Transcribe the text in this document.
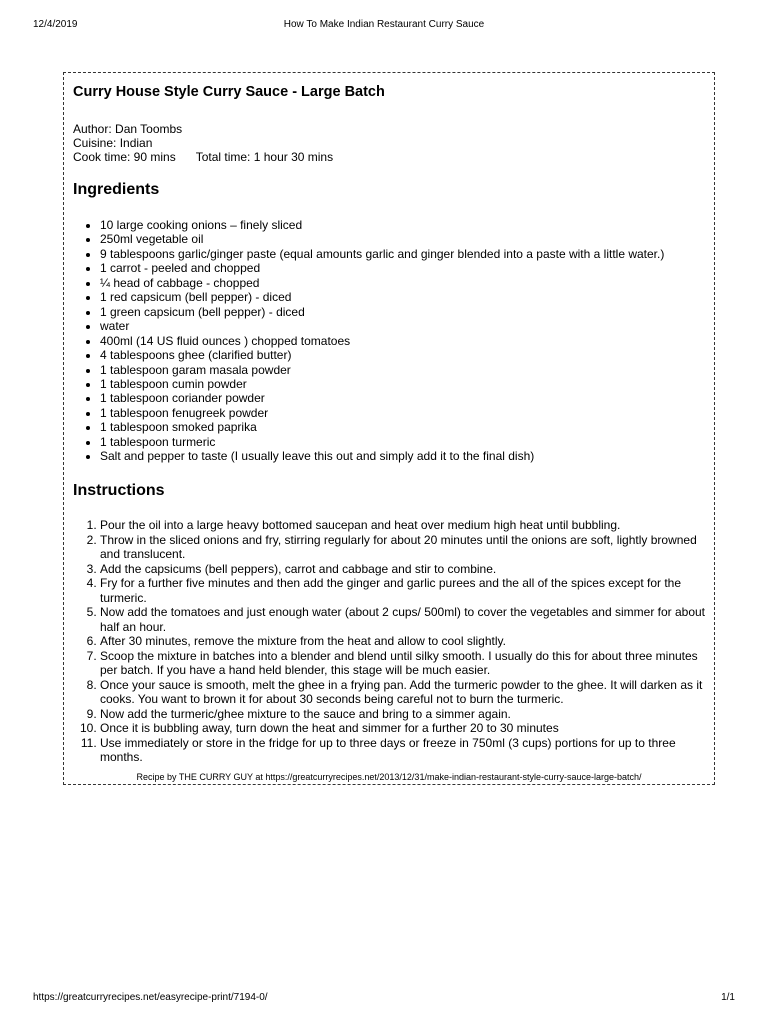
12/4/2019	How To Make Indian Restaurant Curry Sauce
Curry House Style Curry Sauce - Large Batch
Author: Dan Toombs
Cuisine: Indian
Cook time: 90 mins Total time: 1 hour 30 mins
Ingredients
• 10 large cooking onions – finely sliced
• 250ml vegetable oil
• 9 tablespoons garlic/ginger paste (equal amounts garlic and ginger blended into a paste with a little water.)
• 1 carrot - peeled and chopped
• ¼ head of cabbage - chopped
• 1 red capsicum (bell pepper) - diced
• 1 green capsicum (bell pepper) - diced
• water
• 400ml (14 US fluid ounces ) chopped tomatoes
• 4 tablespoons ghee (clarified butter)
• 1 tablespoon garam masala powder
• 1 tablespoon cumin powder
• 1 tablespoon coriander powder
• 1 tablespoon fenugreek powder
• 1 tablespoon smoked paprika
• 1 tablespoon turmeric
• Salt and pepper to taste (I usually leave this out and simply add it to the final dish)
Instructions
1. Pour the oil into a large heavy bottomed saucepan and heat over medium high heat until bubbling.
2. Throw in the sliced onions and fry, stirring regularly for about 20 minutes until the onions are soft, lightly browned and translucent.
3. Add the capsicums (bell peppers), carrot and cabbage and stir to combine.
4. Fry for a further five minutes and then add the ginger and garlic purees and the all of the spices except for the turmeric.
5. Now add the tomatoes and just enough water (about 2 cups/ 500ml) to cover the vegetables and simmer for about half an hour.
6. After 30 minutes, remove the mixture from the heat and allow to cool slightly.
7. Scoop the mixture in batches into a blender and blend until silky smooth. I usually do this for about three minutes per batch. If you have a hand held blender, this stage will be much easier.
8. Once your sauce is smooth, melt the ghee in a frying pan. Add the turmeric powder to the ghee. It will darken as it cooks. You want to brown it for about 30 seconds being careful not to burn the turmeric.
9. Now add the turmeric/ghee mixture to the sauce and bring to a simmer again.
10. Once it is bubbling away, turn down the heat and simmer for a further 20 to 30 minutes
11. Use immediately or store in the fridge for up to three days or freeze in 750ml (3 cups) portions for up to three months.
Recipe by THE CURRY GUY at https://greatcurryrecipes.net/2013/12/31/make-indian-restaurant-style-curry-sauce-large-batch/
https://greatcurryrecipes.net/easyrecipe-print/7194-0/	1/1
